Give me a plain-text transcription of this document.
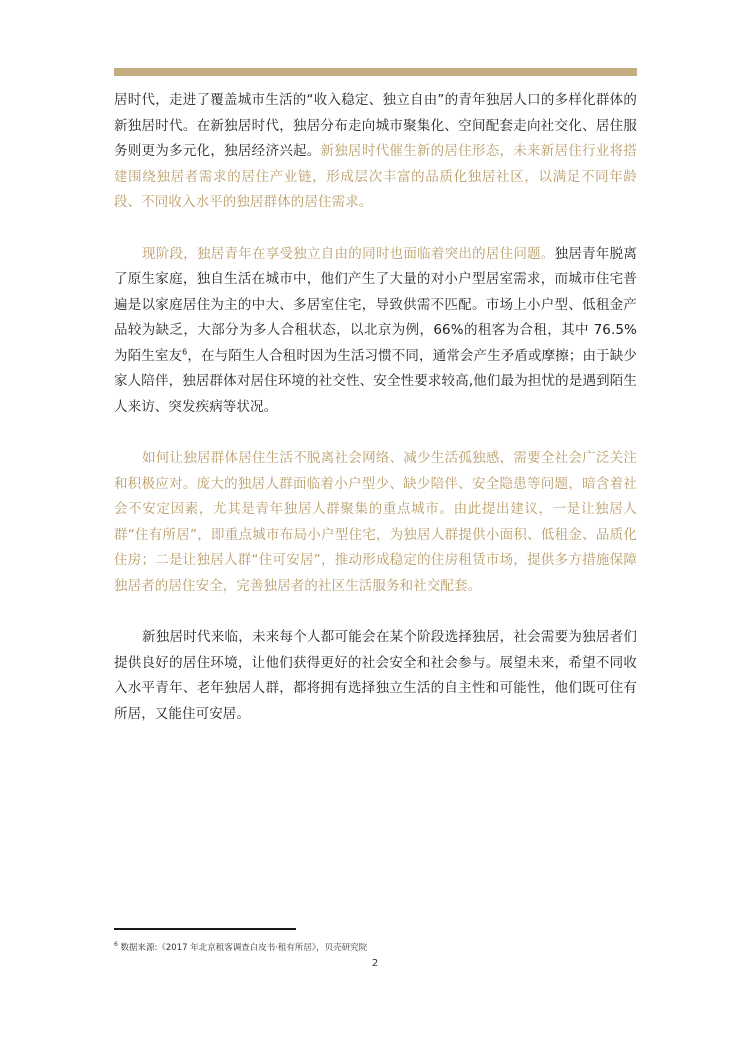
居时代，走进了覆盖城市生活的“收入稳定、独立自由”的青年独居人口的多样化群体的新独居时代。在新独居时代，独居分布走向城市聚集化、空间配套走向社交化、居住服务则更为多元化，独居经济兴起。新独居时代催生新的居住形态，未来新居住行业将搭建围绕独居者需求的居住产业链，形成层次丰富的品质化独居社区，以满足不同年龄段、不同收入水平的独居群体的居住需求。

现阶段，独居青年在享受独立自由的同时也面临着突出的居住问题。独居青年脱离了原生家庭，独自生活在城市中，他们产生了大量的对小户型居室需求，而城市住宅普遍是以家庭居住为主的中大、多居室住宅，导致供需不匹配。市场上小户型、低租金产品较为缺乏，大部分为多人合租状态，以北京为例，66%的租客为合租，其中 76.5%为陌生室友$^6$，在与陌生人合租时因为生活习惯不同，通常会产生矛盾或摩擦；由于缺少家人陪伴，独居群体对居住环境的社交性、安全性要求较高,他们最为担忧的是遇到陌生人来访、突发疾病等状况。

如何让独居群体居住生活不脱离社会网络、减少生活孤独感，需要全社会广泛关注和积极应对。庞大的独居人群面临着小户型少、缺少陪伴、安全隐患等问题，暗含着社会不安定因素，尤其是青年独居人群聚集的重点城市。由此提出建议，一是让独居人群“住有所居”，即重点城市布局小户型住宅，为独居人群提供小面积、低租金、品质化住房；二是让独居人群“住可安居”，推动形成稳定的住房租赁市场，提供多方措施保障独居者的居住安全，完善独居者的社区生活服务和社交配套。

新独居时代来临，未来每个人都可能会在某个阶段选择独居，社会需要为独居者们提供良好的居住环境，让他们获得更好的社会安全和社会参与。展望未来，希望不同收入水平青年、老年独居人群，都将拥有选择独立生活的自主性和可能性，他们既可住有所居，又能住可安居。

$^6$ 数据来源:《2017 年北京租客调查白皮书·租有所居》，贝壳研究院
2
